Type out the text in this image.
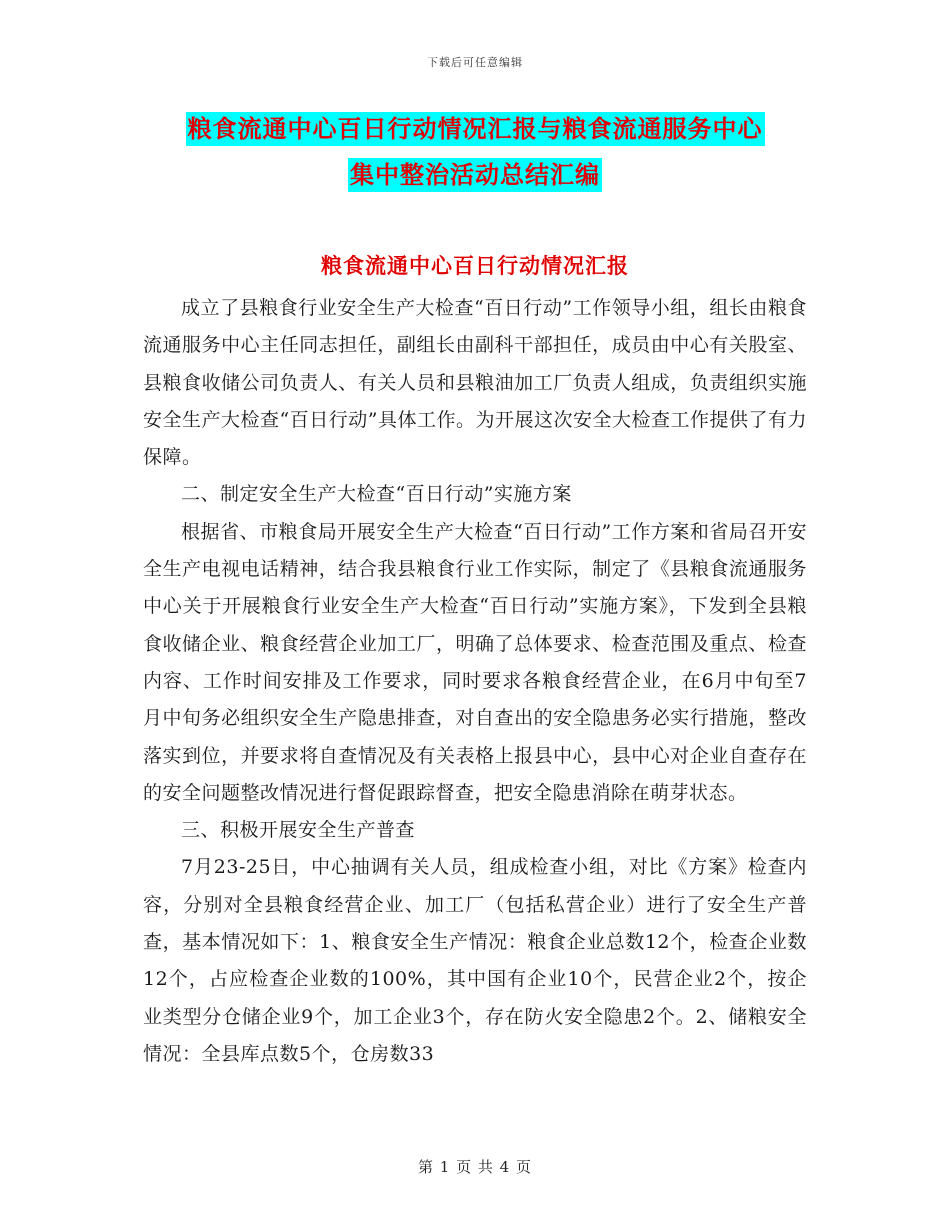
下载后可任意编辑
粮食流通中心百日行动情况汇报与粮食流通服务中心
集中整治活动总结汇编
粮食流通中心百日行动情况汇报

成立了县粮食行业安全生产大检查“百日行动”工作领导小组，组长由粮食流通服务中心主任同志担任，副组长由副科干部担任，成员由中心有关股室、县粮食收储公司负责人、有关人员和县粮油加工厂负责人组成，负责组织实施安全生产大检查“百日行动”具体工作。为开展这次安全大检查工作提供了有力保障。

二、制定安全生产大检查“百日行动”实施方案

根据省、市粮食局开展安全生产大检查“百日行动”工作方案和省局召开安全生产电视电话精神，结合我县粮食行业工作实际，制定了《县粮食流通服务中心关于开展粮食行业安全生产大检查“百日行动”实施方案》，下发到全县粮食收储企业、粮食经营企业加工厂，明确了总体要求、检查范围及重点、检查内容、工作时间安排及工作要求，同时要求各粮食经营企业，在6月中旬至7月中旬务必组织安全生产隐患排查，对自查出的安全隐患务必实行措施，整改落实到位，并要求将自查情况及有关表格上报县中心，县中心对企业自查存在的安全问题整改情况进行督促跟踪督查，把安全隐患消除在萌芽状态。

三、积极开展安全生产普查

7月23-25日，中心抽调有关人员，组成检查小组，对比《方案》检查内容，分别对全县粮食经营企业、加工厂（包括私营企业）进行了安全生产普查，基本情况如下：1、粮食安全生产情况：粮食企业总数12个，检查企业数12个，占应检查企业数的100%，其中国有企业10个，民营企业2个，按企业类型分仓储企业9个，加工企业3个，存在防火安全隐患2个。2、储粮安全情况：全县库点数5个，仓房数33

第 1 页 共 4 页
